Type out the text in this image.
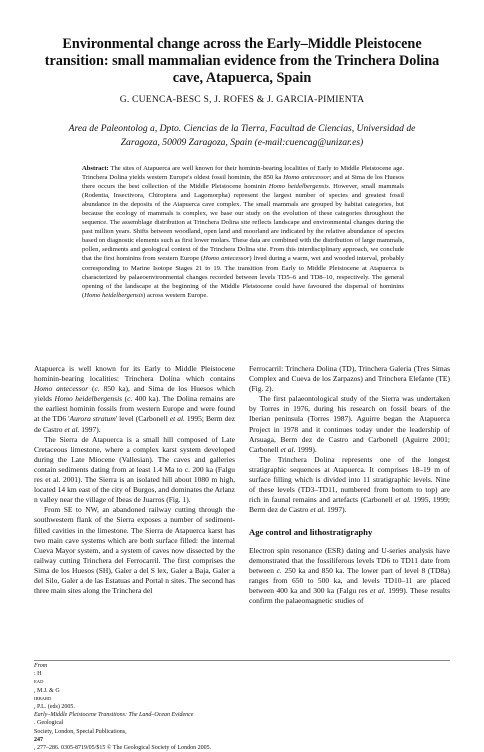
Environmental change across the Early–Middle Pleistocene
transition: small mammalian evidence from the Trinchera Dolina
cave, Atapuerca, Spain
G. CUENCA-BESC S, J. ROFES & J. GARCIA-PIMIENTA
Area de Paleontolog a, Dpto. Ciencias de la Tierra, Facultad de Ciencias, Universidad de
Zaragoza, 50009 Zaragoza, Spain (e-mail:cuencag@unizar.es)

Abstract: The sites of Atapuerca are well known for their hominin-bearing localities of Early to Middle Pleistocene age. Trinchera Dolina yields western Europe's oldest fossil hominin, the 850 ka Homo antecessor; and at Sima de los Huesos there occurs the best collection of the Middle Pleistocene hominin Homo heidelbergensis. However, small mammals (Rodentia, Insectivora, Chiroptera and Lagomorpha) represent the largest number of species and greatest fossil abundance in the deposits of the Atapuerca cave complex. The small mammals are grouped by habitat categories, but because the ecology of mammals is complex, we base our study on the evolution of these categories throughout the sequence. The assemblage distribution at Trinchera Dolina site reflects landscape and environmental changes during the past million years. Shifts between woodland, open land and moorland are indicated by the relative abundance of species based on diagnostic elements such as first lower molars. These data are combined with the distribution of large mammals, pollen, sediments and geological context of the Trinchera Dolina site. From this interdisciplinary approach, we conclude that the first hominins from western Europe (Homo antecessor) lived during a warm, wet and wooded interval, probably corresponding to Marine Isotope Stages 21 to 19. The transition from Early to Middle Pleistocene at Atapuerca is characterized by palaeoenvironmental changes recorded between levels TD5–6 and TD8–10, respectively. The general opening of the landscape at the beginning of the Middle Pleistocene could have favoured the dispersal of hominins (Homo heidelbergensis) across western Europe.

Atapuerca is well known for its Early to Middle Pleistocene hominin-bearing localities: Trinchera Dolina which contains Homo antecessor (c. 850 ka), and Sima de los Huesos which yields Homo heidelbergensis (c. 400 ka). The Dolina remains are the earliest hominin fossils from western Europe and were found at the TD6 'Aurora stratum' level (Carbonell et al. 1995; Berm dez de Castro et al. 1997).

The Sierra de Atapuerca is a small hill composed of Late Cretaceous limestone, where a complex karst system developed during the Late Miocene (Vallesian). The caves and galleries contain sediments dating from at least 1.4 Ma to c. 200 ka (Falgu res et al. 2001). The Sierra is an isolated hill about 1080 m high, located 14 km east of the city of Burgos, and dominates the Arlanz n valley near the village of Ibeas de Juarros (Fig. 1).

From SE to NW, an abandoned railway cutting through the southwestern flank of the Sierra exposes a number of sediment-filled cavities in the limestone. The Sierra de Atapuerca karst has two main cave systems which are both surface filled: the internal Cueva Mayor system, and a system of caves now dissected by the railway cutting Trinchera del Ferrocarril. The first comprises the Sima de los Huesos (SH), Galer a del S lex, Galer a Baja, Galer a del Silo, Galer a de las Estatuas and Portal n sites. The second has three main sites along the Trinchera del

Ferrocarril: Trinchera Dolina (TD), Trinchera Galeria (Tres Simas Complex and Cueva de los Zarpazos) and Trinchera Elefante (TE) (Fig. 2).

The first palaeontological study of the Sierra was undertaken by Torres in 1976, during his research on fossil bears of the Iberian peninsula (Torres 1987). Aguirre began the Atapuerca Project in 1978 and it continues today under the leadership of Arsuaga, Berm dez de Castro and Carbonell (Aguirre 2001; Carbonell et al. 1999).

The Trinchera Dolina represents one of the longest stratigraphic sequences at Atapuerca. It comprises 18–19 m of surface filling which is divided into 11 stratigraphic levels. Nine of these levels (TD3–TD11, numbered from bottom to top) are rich in faunal remains and artefacts (Carbonell et al. 1995, 1999; Berm dez de Castro et al. 1997).

Age control and lithostratigraphy

Electron spin resonance (ESR) dating and U-series analysis have demonstrated that the fossiliferous levels TD6 to TD11 date from between c. 250 ka and 850 ka. The lower part of level 8 (TD8a) ranges from 650 to 500 ka, and levels TD10–11 are placed between 400 ka and 300 ka (Falgu res et al. 1999). These results confirm the palaeomagnetic studies of

From
: H
EAD
, M.J. & G
IBBARD
, P.L. (eds) 2005.
Early–Middle Pleistocene Transitions: The Land–Ocean Evidence
. Geological
Society, London, Special Publications,
247
, 277–286. 0305-8719/05/$15 © The Geological Society of London 2005.
